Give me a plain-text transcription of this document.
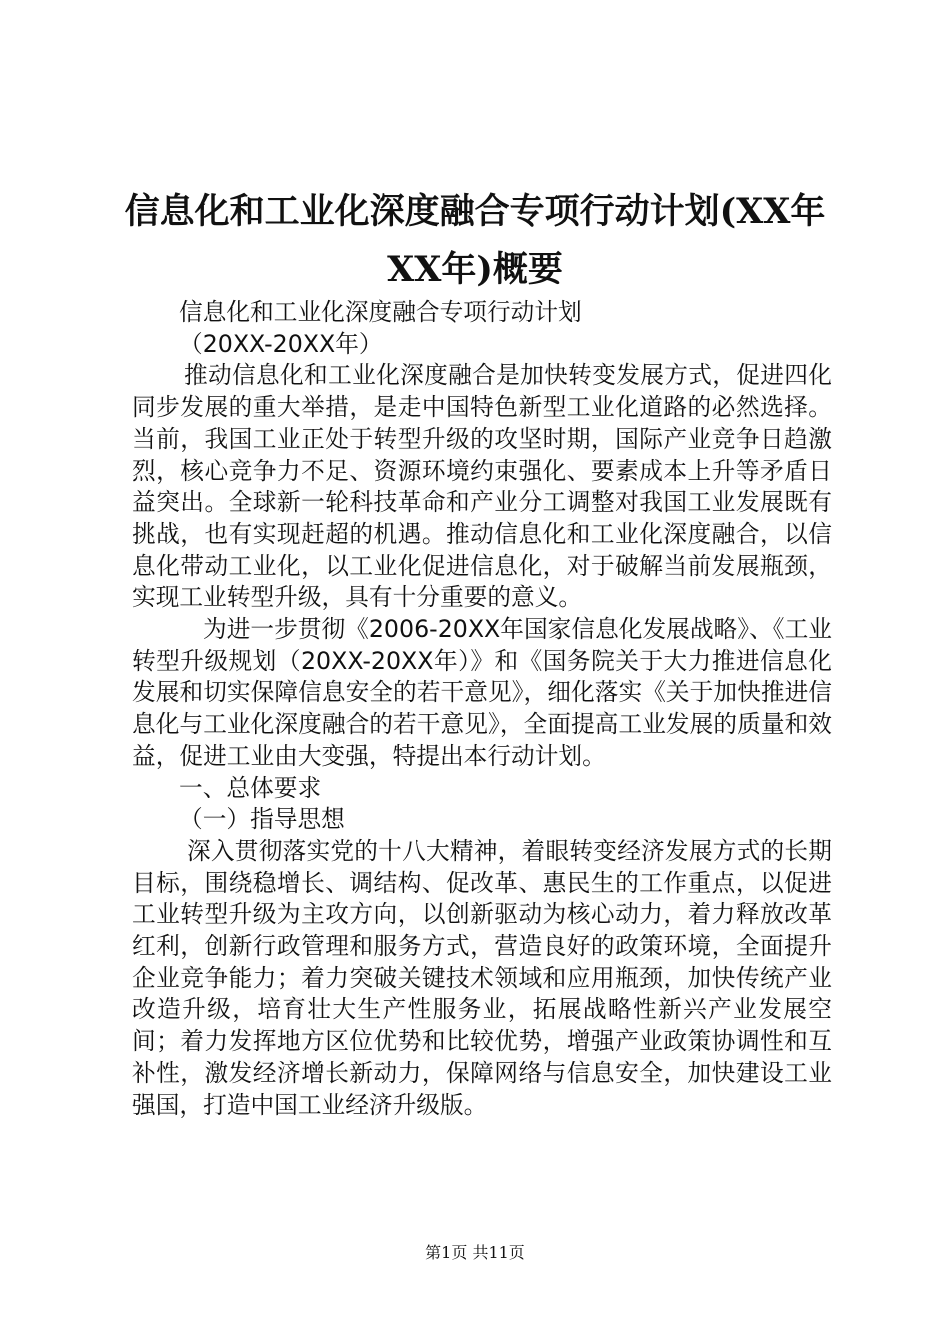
信息化和工业化深度融合专项行动计划(XX年
XX年)概要

信息化和工业化深度融合专项行动计划

（20XX-20XX年）

推动信息化和工业化深度融合是加快转变发展方式，促进四化同步发展的重大举措，是走中国特色新型工业化道路的必然选择。当前，我国工业正处于转型升级的攻坚时期，国际产业竞争日趋激烈，核心竞争力不足、资源环境约束强化、要素成本上升等矛盾日益突出。全球新一轮科技革命和产业分工调整对我国工业发展既有挑战，也有实现赶超的机遇。推动信息化和工业化深度融合，以信息化带动工业化，以工业化促进信息化，对于破解当前发展瓶颈，实现工业转型升级，具有十分重要的意义。

为进一步贯彻《2006-20XX年国家信息化发展战略》、《工业转型升级规划（20XX-20XX年）》和《国务院关于大力推进信息化发展和切实保障信息安全的若干意见》，细化落实《关于加快推进信息化与工业化深度融合的若干意见》，全面提高工业发展的质量和效益，促进工业由大变强，特提出本行动计划。

一、总体要求

（一）指导思想

深入贯彻落实党的十八大精神，着眼转变经济发展方式的长期目标，围绕稳增长、调结构、促改革、惠民生的工作重点，以促进工业转型升级为主攻方向，以创新驱动为核心动力，着力释放改革红利，创新行政管理和服务方式，营造良好的政策环境，全面提升企业竞争能力；着力突破关键技术领域和应用瓶颈，加快传统产业改造升级，培育壮大生产性服务业，拓展战略性新兴产业发展空间；着力发挥地方区位优势和比较优势，增强产业政策协调性和互补性，激发经济增长新动力，保障网络与信息安全，加快建设工业强国，打造中国工业经济升级版。

第1页 共11页
